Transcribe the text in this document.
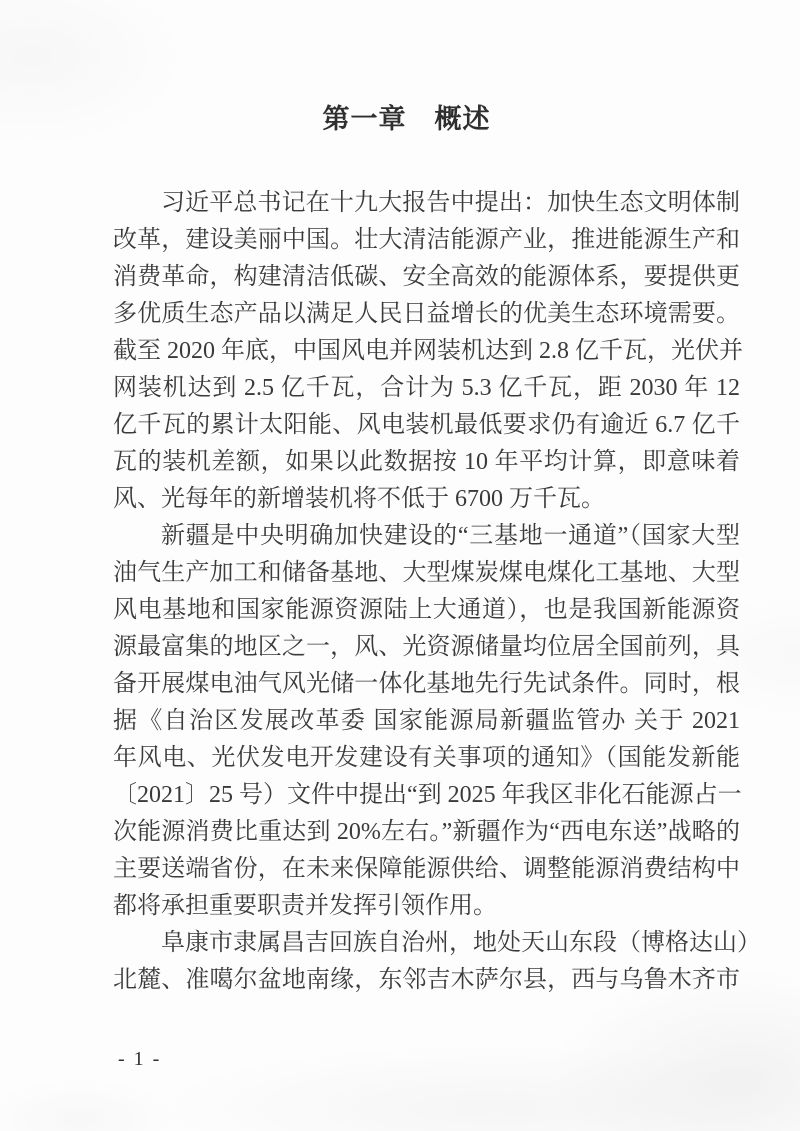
第一章　概述
习近平总书记在十九大报告中提出：加快生态文明体制
改革，建设美丽中国。壮大清洁能源产业，推进能源生产和
消费革命，构建清洁低碳、安全高效的能源体系，要提供更
多优质生态产品以满足人民日益增长的优美生态环境需要。
截至 2020 年底，中国风电并网装机达到 2.8 亿千瓦，光伏并
网装机达到 2.5 亿千瓦，合计为 5.3 亿千瓦，距 2030 年 12
亿千瓦的累计太阳能、风电装机最低要求仍有逾近 6.7 亿千
瓦的装机差额，如果以此数据按 10 年平均计算，即意味着
风、光每年的新增装机将不低于 6700 万千瓦。
新疆是中央明确加快建设的“三基地一通道”（国家大型
油气生产加工和储备基地、大型煤炭煤电煤化工基地、大型
风电基地和国家能源资源陆上大通道），也是我国新能源资
源最富集的地区之一，风、光资源储量均位居全国前列，具
备开展煤电油气风光储一体化基地先行先试条件。同时，根
据《自治区发展改革委 国家能源局新疆监管办 关于 2021
年风电、光伏发电开发建设有关事项的通知》（国能发新能
〔2021〕25 号）文件中提出“到 2025 年我区非化石能源占一
次能源消费比重达到 20%左右。”新疆作为“西电东送”战略的
主要送端省份，在未来保障能源供给、调整能源消费结构中
都将承担重要职责并发挥引领作用。
阜康市隶属昌吉回族自治州，地处天山东段（博格达山）
北麓、准噶尔盆地南缘，东邻吉木萨尔县，西与乌鲁木齐市
- 1 -
